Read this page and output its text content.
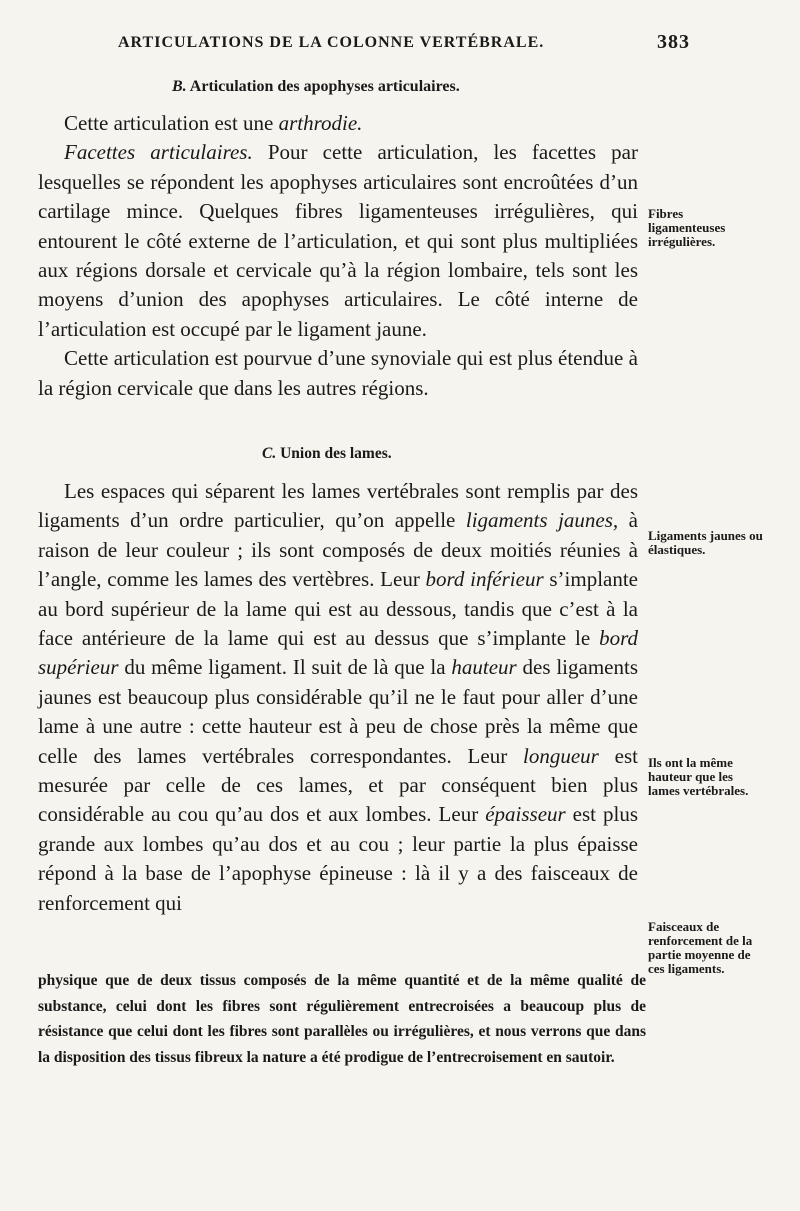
ARTICULATIONS DE LA COLONNE VERTÉBRALE.	383
B. Articulation des apophyses articulaires.

Cette articulation est une arthrodie.

Facettes articulaires. Pour cette articulation, les facettes par lesquelles se répondent les apophyses articulaires sont encroûtées d’un cartilage mince. Quelques fibres ligamenteuses irrégulières, qui entourent le côté externe de l’articulation, et qui sont plus multipliées aux régions dorsale et cervicale qu’à la région lombaire, tels sont les moyens d’union des apophyses articulaires. Le côté interne de l’articulation est occupé par le ligament jaune.

Cette articulation est pourvue d’une synoviale qui est plus étendue à la région cervicale que dans les autres régions.

C. Union des lames.

Les espaces qui séparent les lames vertébrales sont remplis par des ligaments d’un ordre particulier, qu’on appelle ligaments jaunes, à raison de leur couleur ; ils sont composés de deux moitiés réunies à l’angle, comme les lames des vertèbres. Leur bord inférieur s’implante au bord supérieur de la lame qui est au dessous, tandis que c’est à la face antérieure de la lame qui est au dessus que s’implante le bord supérieur du même ligament. Il suit de là que la hauteur des ligaments jaunes est beaucoup plus considérable qu’il ne le faut pour aller d’une lame à une autre : cette hauteur est à peu de chose près la même que celle des lames vertébrales correspondantes. Leur longueur est mesurée par celle de ces lames, et par conséquent bien plus considérable au cou qu’au dos et aux lombes. Leur épaisseur est plus grande aux lombes qu’au dos et au cou ; leur partie la plus épaisse répond à la base de l’apophyse épineuse : là il y a des faisceaux de renforcement qui

physique que de deux tissus composés de la même quantité et de la même qualité de substance, celui dont les fibres sont régulièrement entrecroisées a beaucoup plus de résistance que celui dont les fibres sont parallèles ou irrégulières, et nous verrons que dans la disposition des tissus fibreux la nature a été prodigue de l’entrecroisement en sautoir.

Fibres ligamenteuses irrégulières.
Ligaments jaunes ou élastiques.
Ils ont la même hauteur que les lames vertébrales.
Faisceaux de renforcement de la partie moyenne de ces ligaments.
